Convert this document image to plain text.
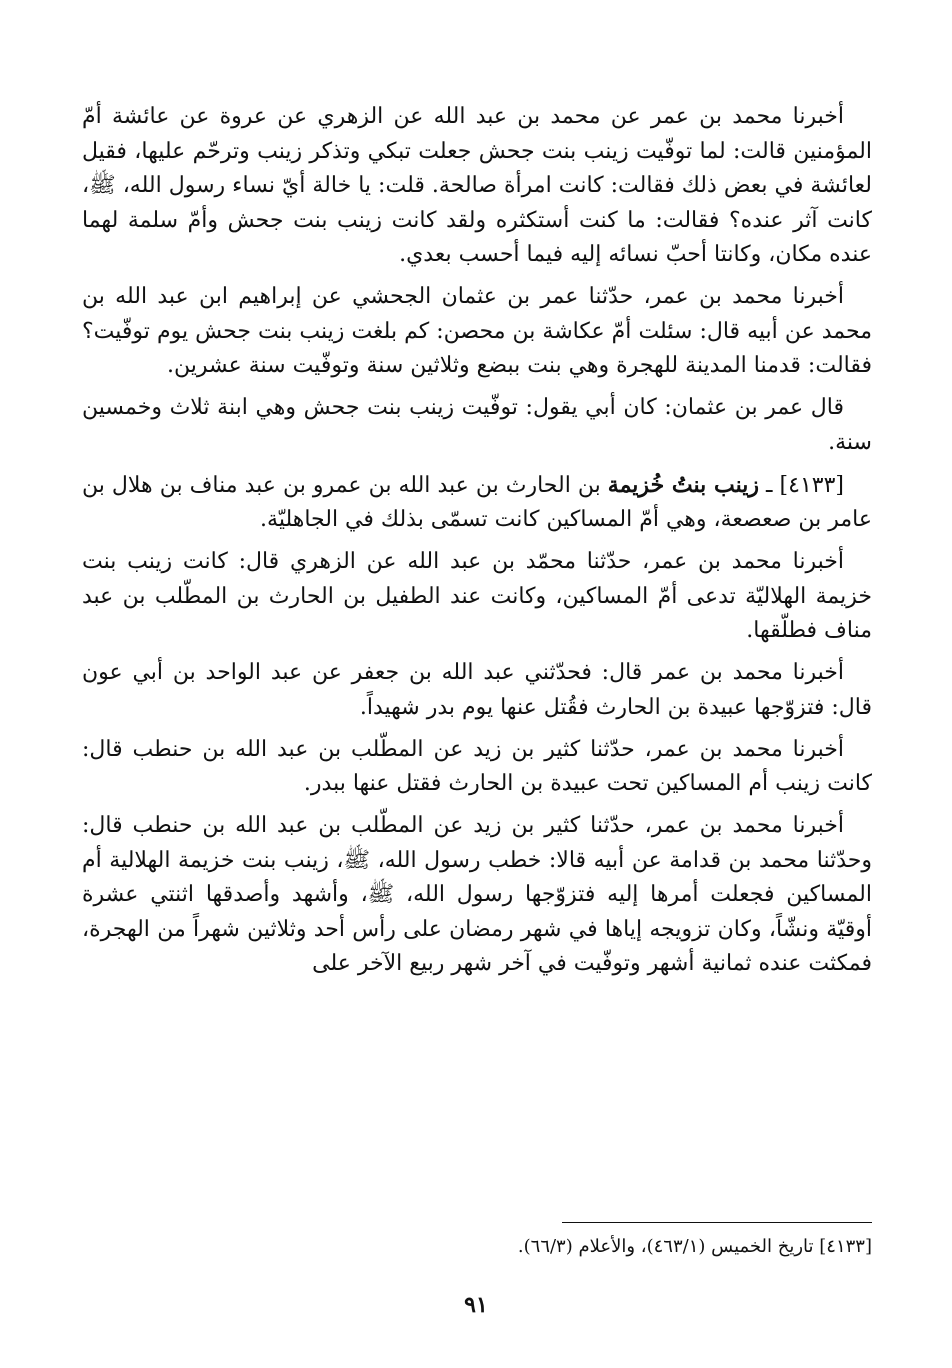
أخبرنا محمد بن عمر عن محمد بن عبد الله عن الزهري عن عروة عن عائشة أمّ المؤمنين قالت: لما توفّيت زينب بنت جحش جعلت تبكي وتذكر زينب وترحّم عليها، فقيل لعائشة في بعض ذلك فقالت: كانت امرأة صالحة. قلت: يا خالة أيّ نساء رسول الله، ﷺ، كانت آثر عنده؟ فقالت: ما كنت أستكثره ولقد كانت زينب بنت جحش وأمّ سلمة لهما عنده مكان، وكانتا أحبّ نسائه إليه فيما أحسب بعدي.

أخبرنا محمد بن عمر، حدّثنا عمر بن عثمان الجحشي عن إبراهيم ابن عبد الله بن محمد عن أبيه قال: سئلت أمّ عكاشة بن محصن: كم بلغت زينب بنت جحش يوم توفّيت؟ فقالت: قدمنا المدينة للهجرة وهي بنت ببضع وثلاثين سنة وتوفّيت سنة عشرين.

قال عمر بن عثمان: كان أبي يقول: توفّيت زينب بنت جحش وهي ابنة ثلاث وخمسين سنة.

[٤١٣٣] ـ زينب بنتُ خُزيمة بن الحارث بن عبد الله بن عمرو بن عبد مناف بن هلال بن عامر بن صعصعة، وهي أمّ المساكين كانت تسمّى بذلك في الجاهليّة.

أخبرنا محمد بن عمر، حدّثنا محمّد بن عبد الله عن الزهري قال: كانت زينب بنت خزيمة الهلاليّة تدعى أمّ المساكين، وكانت عند الطفيل بن الحارث بن المطّلب بن عبد مناف فطلّقها.

أخبرنا محمد بن عمر قال: فحدّثني عبد الله بن جعفر عن عبد الواحد بن أبي عون قال: فتزوّجها عبيدة بن الحارث فقُتل عنها يوم بدر شهيداً.

أخبرنا محمد بن عمر، حدّثنا كثير بن زيد عن المطّلب بن عبد الله بن حنطب قال: كانت زينب أم المساكين تحت عبيدة بن الحارث فقتل عنها ببدر.

أخبرنا محمد بن عمر، حدّثنا كثير بن زيد عن المطّلب بن عبد الله بن حنطب قال: وحدّثنا محمد بن قدامة عن أبيه قالا: خطب رسول الله، ﷺ، زينب بنت خزيمة الهلالية أم المساكين فجعلت أمرها إليه فتزوّجها رسول الله، ﷺ، وأشهد وأصدقها اثنتي عشرة أوقيّة ونشّاً، وكان تزويجه إياها في شهر رمضان على رأس أحد وثلاثين شهراً من الهجرة، فمكثت عنده ثمانية أشهر وتوفّيت في آخر شهر ربيع الآخر على

[٤١٣٣] تاريخ الخميس (٤٦٣/١)، والأعلام (٦٦/٣).
٩١
